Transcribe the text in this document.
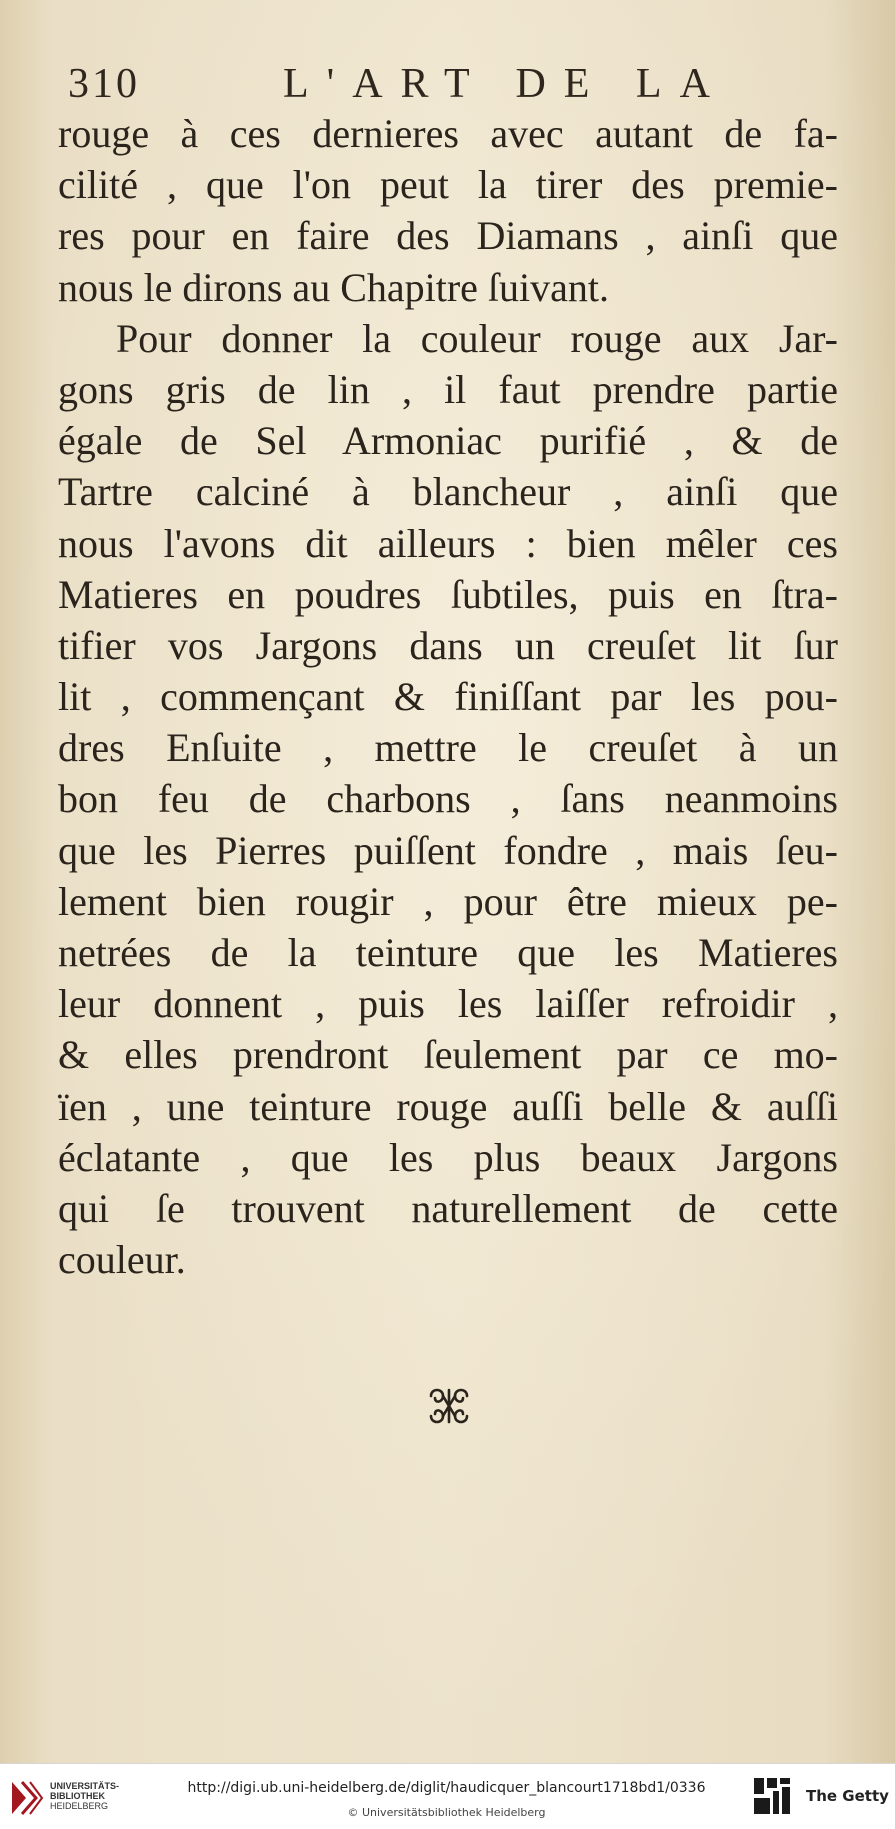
310	L'ART DE LA
rouge à ces dernieres avec autant de fa-
cilité , que l'on peut la tirer des premie-
res pour en faire des Diamans , ainſi que
nous le dirons au Chapitre ſuivant.
Pour donner la couleur rouge aux Jar-
gons gris de lin , il faut prendre partie
égale de Sel Armoniac purifié , & de
Tartre calciné à blancheur , ainſi que
nous l'avons dit ailleurs : bien mêler ces
Matieres en poudres ſubtiles, puis en ſtra-
tifier vos Jargons dans un creuſet lit ſur
lit , commençant & finiſſant par les pou-
dres Enſuite , mettre le creuſet à un
bon feu de charbons , ſans neanmoins
que les Pierres puiſſent fondre , mais ſeu-
lement bien rougir , pour être mieux pe-
netrées de la teinture que les Matieres
leur donnent , puis les laiſſer refroidir ,
& elles prendront ſeulement par ce mo-
ïen , une teinture rouge auſſi belle & auſſi
éclatante , que les plus beaux Jargons
qui ſe trouvent naturellement de cette
couleur.
UNIVERSITÄTS-
BIBLIOTHEK
HEIDELBERG
http://digi.ub.uni-heidelberg.de/diglit/haudicquer_blancourt1718bd1/0336
© Universitätsbibliothek Heidelberg
The Getty
